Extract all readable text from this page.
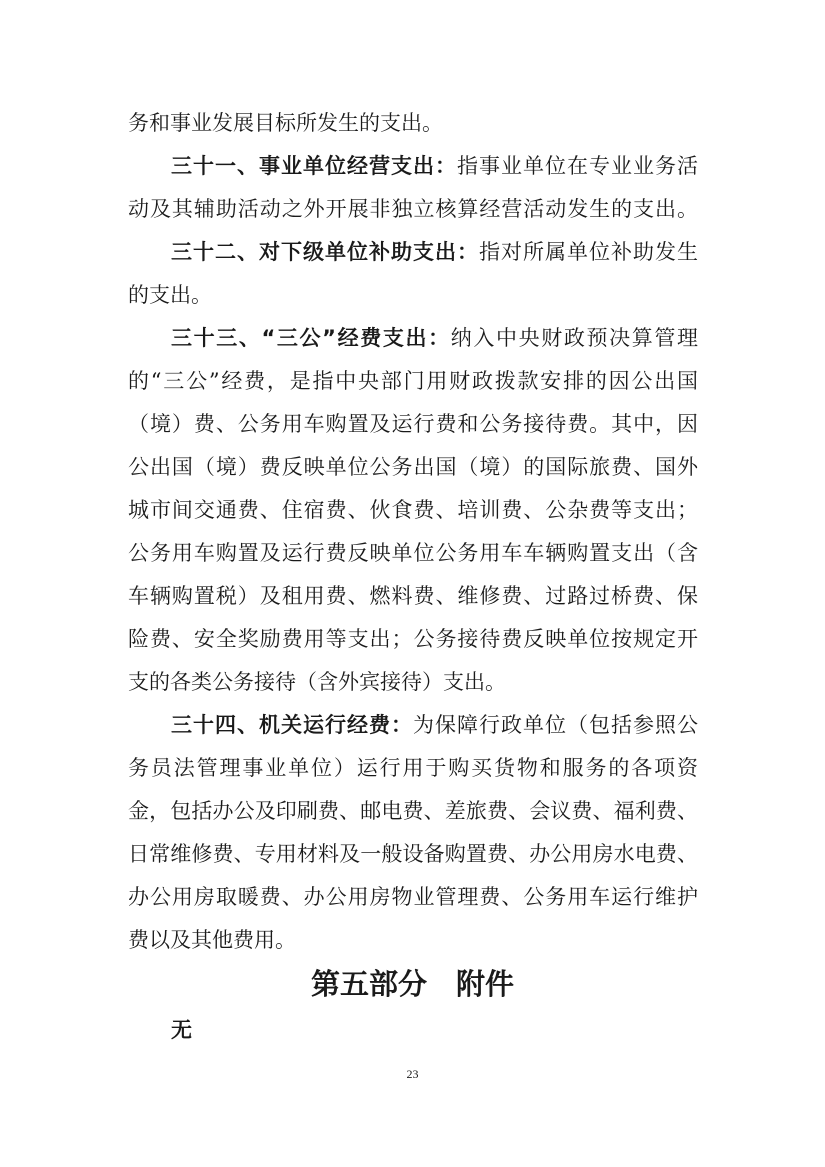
务和事业发展目标所发生的支出。
三十一、事业单位经营支出：指事业单位在专业业务活
动及其辅助活动之外开展非独立核算经营活动发生的支出。
三十二、对下级单位补助支出：指对所属单位补助发生
的支出。
三十三、“三公”经费支出：纳入中央财政预决算管理
的“三公”经费，是指中央部门用财政拨款安排的因公出国
（境）费、公务用车购置及运行费和公务接待费。其中，因
公出国（境）费反映单位公务出国（境）的国际旅费、国外
城市间交通费、住宿费、伙食费、培训费、公杂费等支出；
公务用车购置及运行费反映单位公务用车车辆购置支出（含
车辆购置税）及租用费、燃料费、维修费、过路过桥费、保
险费、安全奖励费用等支出；公务接待费反映单位按规定开
支的各类公务接待（含外宾接待）支出。
三十四、机关运行经费：为保障行政单位（包括参照公
务员法管理事业单位）运行用于购买货物和服务的各项资
金，包括办公及印刷费、邮电费、差旅费、会议费、福利费、
日常维修费、专用材料及一般设备购置费、办公用房水电费、
办公用房取暖费、办公用房物业管理费、公务用车运行维护
费以及其他费用。
第五部分　附件
无
23
